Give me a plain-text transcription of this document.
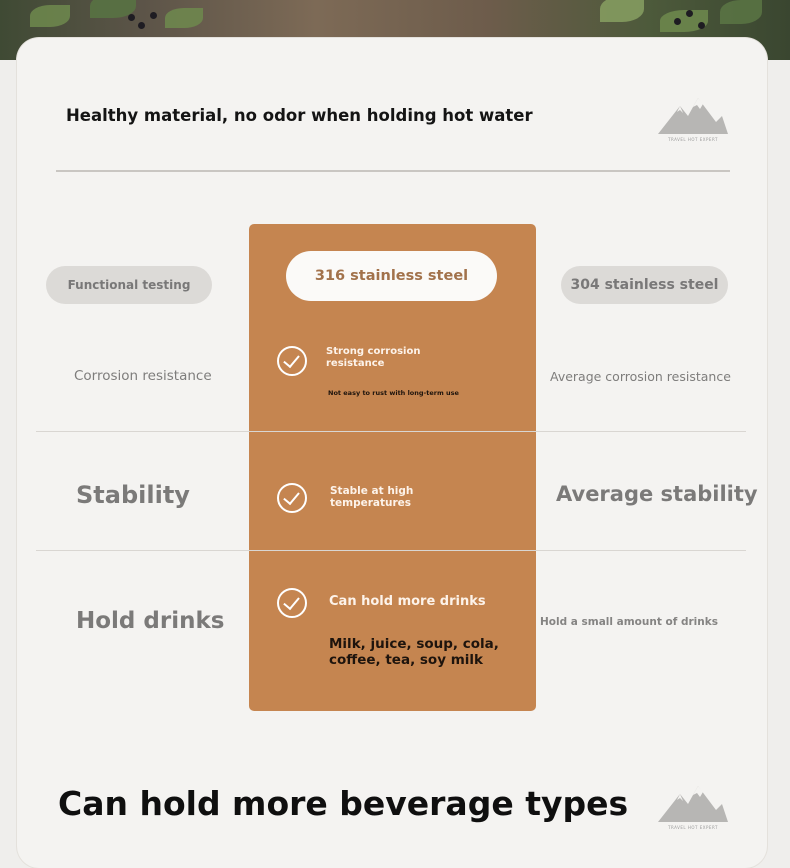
Healthy material, no odor when holding hot water
TRAVEL HOT EXPERT
Functional testing
316 stainless steel
304 stainless steel
Corrosion resistance
Strong corrosion resistance
Not easy to rust with long-term use
Average corrosion resistance
Stability	Stable at high temperatures	Average stability
Hold drinks
Can hold more drinks
Milk, juice, soup, cola, coffee, tea, soy milk
Hold a small amount of drinks
Can hold more beverage types
TRAVEL HOT EXPERT
